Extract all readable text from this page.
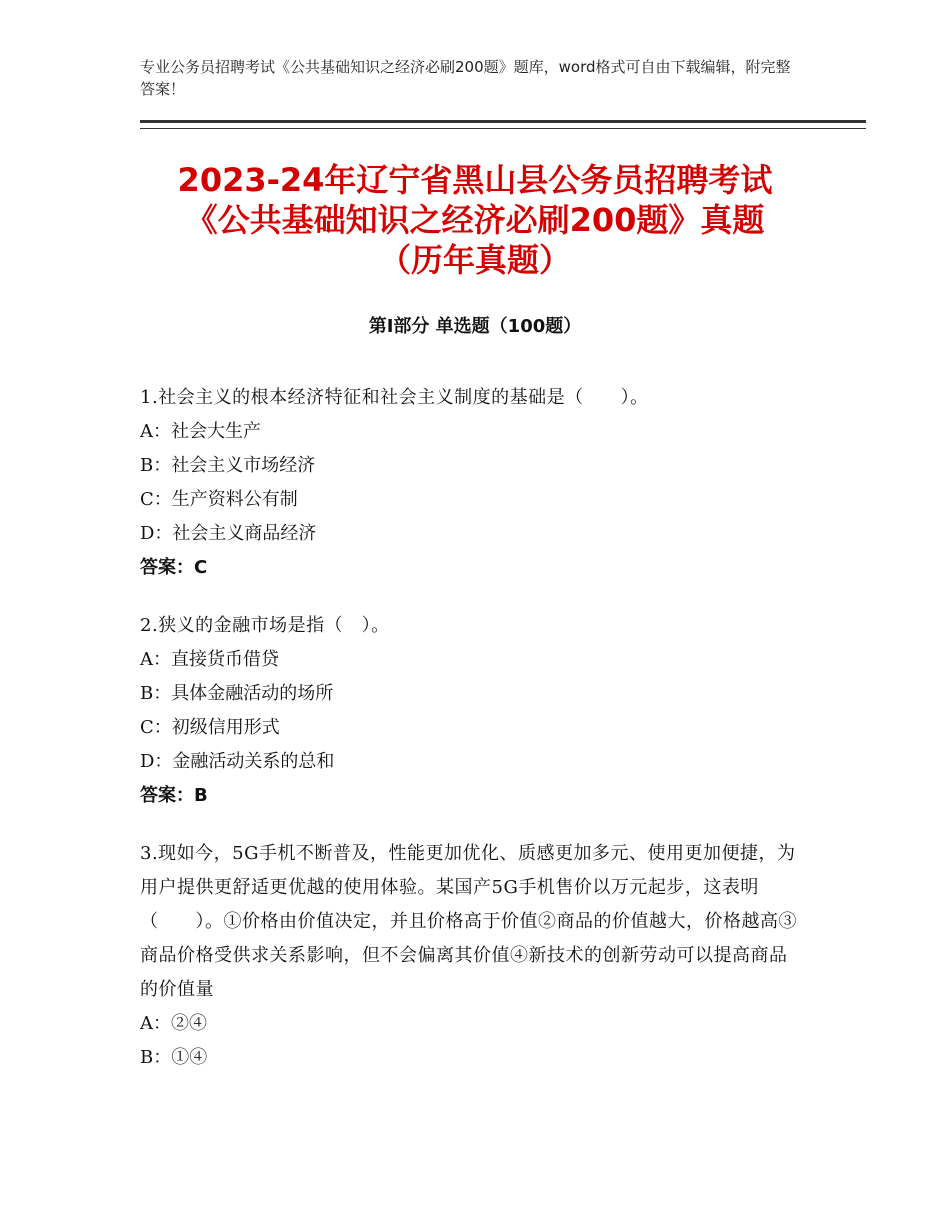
专业公务员招聘考试《公共基础知识之经济必刷200题》题库，word格式可自由下载编辑，附完整答案！
2023-24年辽宁省黑山县公务员招聘考试
《公共基础知识之经济必刷200题》真题
（历年真题）
第Ⅰ部分 单选题（100题）

1.社会主义的根本经济特征和社会主义制度的基础是（　　）。

A：社会大生产

B：社会主义市场经济

C：生产资料公有制

D：社会主义商品经济

答案：C

2.狭义的金融市场是指（　）。

A：直接货币借贷

B：具体金融活动的场所

C：初级信用形式

D：金融活动关系的总和

答案：B

3.现如今，5G手机不断普及，性能更加优化、质感更加多元、使用更加便捷，为用户提供更舒适更优越的使用体验。某国产5G手机售价以万元起步，这表明（　　）。①价格由价值决定，并且价格高于价值②商品的价值越大，价格越高③商品价格受供求关系影响，但不会偏离其价值④新技术的创新劳动可以提高商品的价值量

A：②④

B：①④
